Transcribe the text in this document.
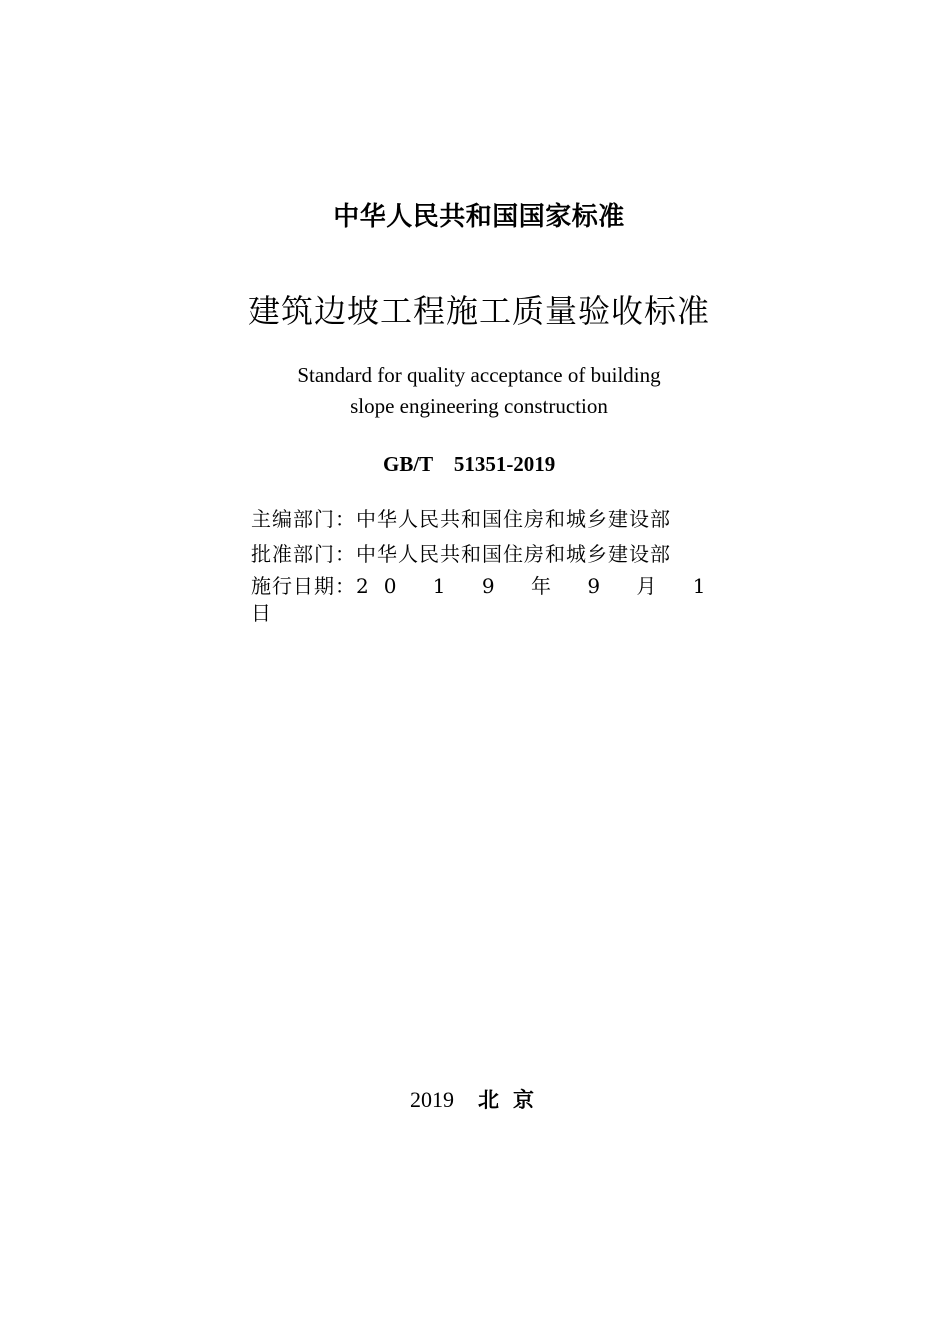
中华人民共和国国家标准
建筑边坡工程施工质量验收标准
Standard for quality acceptance of building
slope engineering construction
GB/T 51351-2019
主编部门：中华人民共和国住房和城乡建设部
批准部门：中华人民共和国住房和城乡建设部
施行日期：20 1 9 年 9 月 1 日
2019 北京
